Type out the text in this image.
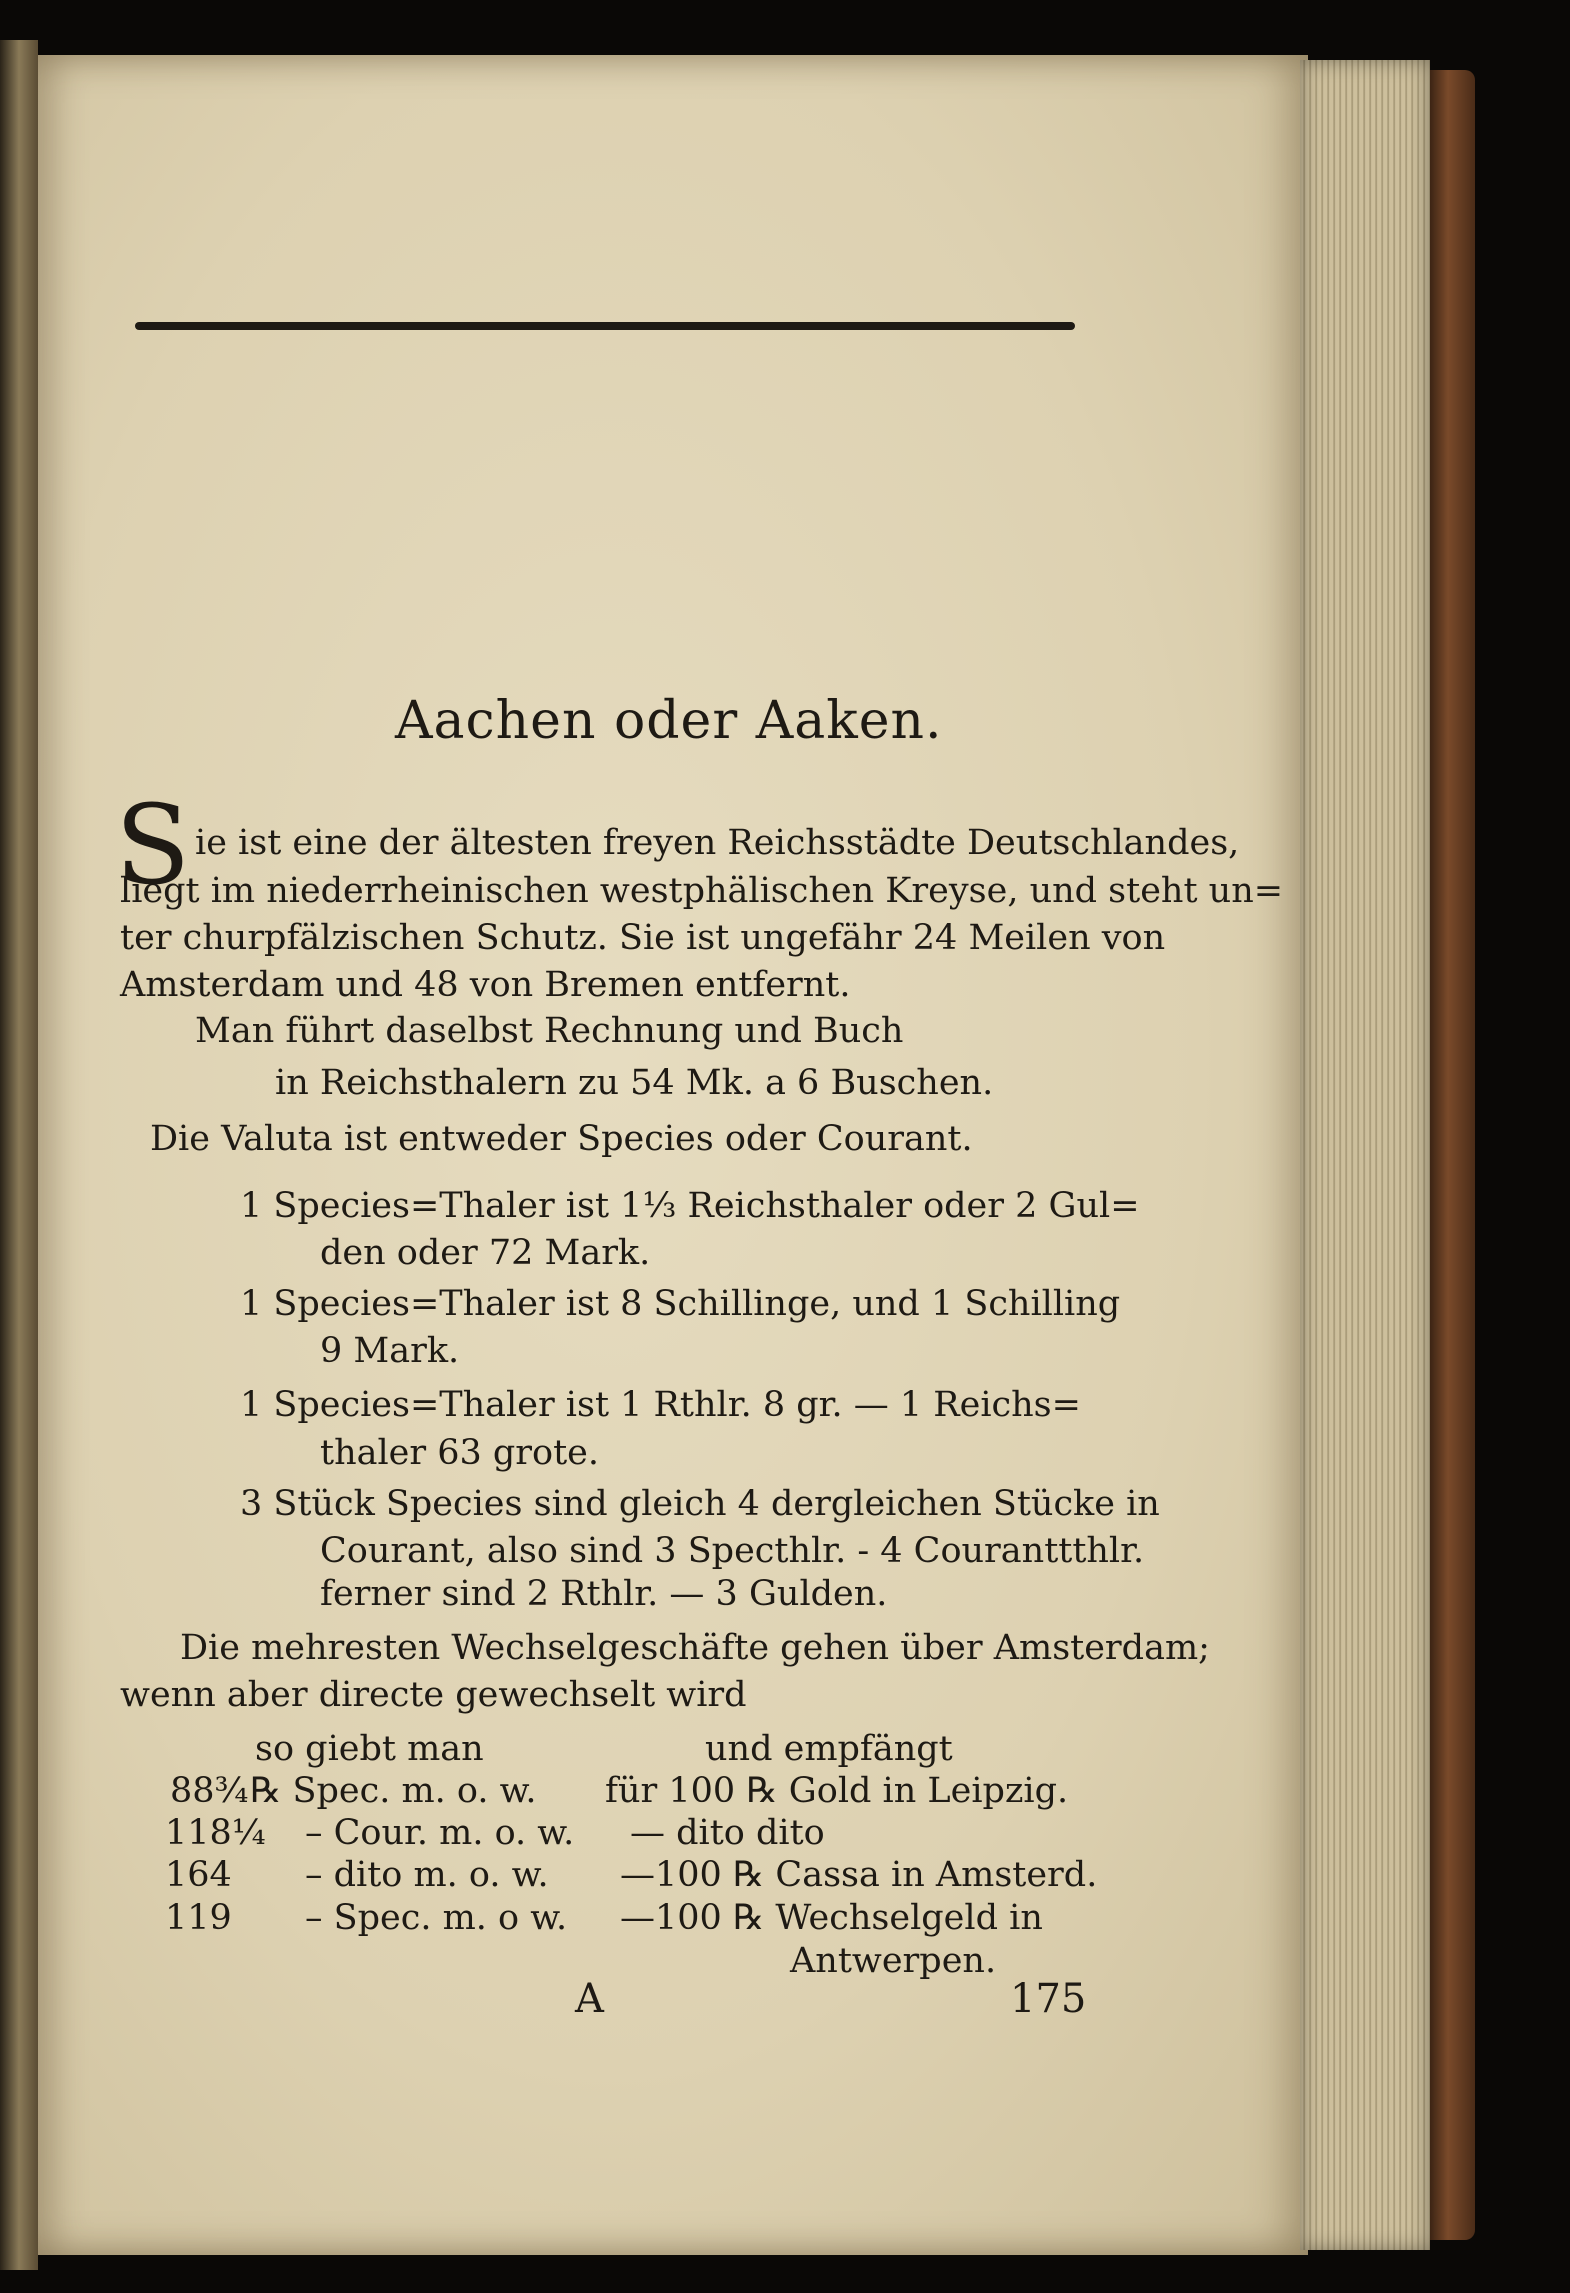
Aachen oder Aaken.
S ie ist eine der ältesten freyen Reichsstädte Deutschlandes,
liegt im niederrheinischen westphälischen Kreyse, und steht un=
ter churpfälzischen Schutz. Sie ist ungefähr 24 Meilen von
Amsterdam und 48 von Bremen entfernt.
Man führt daselbst Rechnung und Buch
in Reichsthalern zu 54 Mk. a 6 Buschen.
Die Valuta ist entweder Species oder Courant.
1 Species=Thaler ist 1⅓ Reichsthaler oder 2 Gul=
den oder 72 Mark.
1 Species=Thaler ist 8 Schillinge, und 1 Schilling
9 Mark.
1 Species=Thaler ist 1 Rthlr. 8 gr. — 1 Reichs=
thaler 63 grote.
3 Stück Species sind gleich 4 dergleichen Stücke in
Courant, also sind 3 Specthlr. - 4 Couranttthlr.
ferner sind 2 Rthlr. — 3 Gulden.
Die mehresten Wechselgeschäfte gehen über Amsterdam;
wenn aber directe gewechselt wird
so giebt man	und empfängt
88¾ ℞ Spec. m. o. w. für 100 ℞ Gold in Leipzig.
118¼ – Cour. m. o. w. — dito dito
164 – dito m. o. w. —100 ℞ Cassa in Amsterd.
119 – Spec. m. o w. —100 ℞ Wechselgeld in
Antwerpen.
A	175
